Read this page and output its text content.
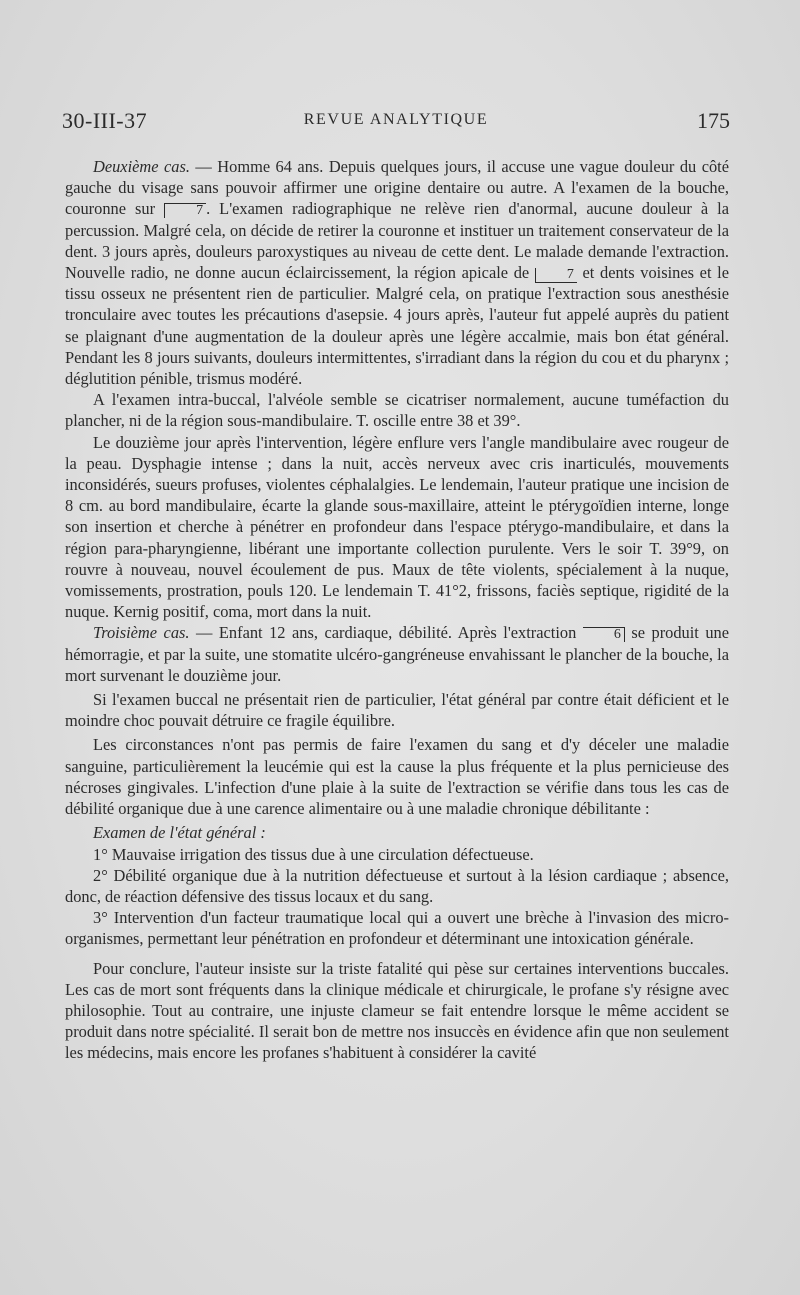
30-III-37	REVUE ANALYTIQUE	175

Deuxième cas. — Homme 64 ans. Depuis quelques jours, il accuse une vague douleur du côté gauche du visage sans pouvoir affirmer une origine dentaire ou autre. A l'examen de la bouche, couronne sur 7 . L'examen radiographique ne relève rien d'anormal, aucune douleur à la percussion. Malgré cela, on décide de retirer la couronne et instituer un traitement conservateur de la dent. 3 jours après, douleurs paroxystiques au niveau de cette dent. Le malade demande l'extraction. Nouvelle radio, ne donne aucun éclaircissement, la région apicale de 7 et dents voisines et le tissu osseux ne présentent rien de particulier. Malgré cela, on pratique l'extraction sous anesthésie tronculaire avec toutes les précautions d'asepsie. 4 jours après, l'auteur fut appelé auprès du patient se plaignant d'une augmentation de la douleur après une légère accalmie, mais bon état général. Pendant les 8 jours suivants, douleurs intermittentes, s'irradiant dans la région du cou et du pharynx ; déglutition pénible, trismus modéré.

A l'examen intra-buccal, l'alvéole semble se cicatriser normalement, aucune tuméfaction du plancher, ni de la région sous-mandibulaire. T. oscille entre 38 et 39°.

Le douzième jour après l'intervention, légère enflure vers l'angle mandibulaire avec rougeur de la peau. Dysphagie intense ; dans la nuit, accès nerveux avec cris inarticulés, mouvements inconsidérés, sueurs profuses, violentes céphalalgies. Le lendemain, l'auteur pratique une incision de 8 cm. au bord mandibulaire, écarte la glande sous-maxillaire, atteint le ptérygoïdien interne, longe son insertion et cherche à pénétrer en profondeur dans l'espace ptérygo-mandibulaire, et dans la région para-pharyngienne, libérant une importante collection purulente. Vers le soir T. 39°9, on rouvre à nouveau, nouvel écoulement de pus. Maux de tête violents, spécialement à la nuque, vomissements, prostration, pouls 120. Le lendemain T. 41°2, frissons, faciès septique, rigidité de la nuque. Kernig positif, coma, mort dans la nuit.

Troisième cas. — Enfant 12 ans, cardiaque, débilité. Après l'extraction 6 se produit une hémorragie, et par la suite, une stomatite ulcéro-gangréneuse envahissant le plancher de la bouche, la mort survenant le douzième jour.

Si l'examen buccal ne présentait rien de particulier, l'état général par contre était déficient et le moindre choc pouvait détruire ce fragile équilibre.

Les circonstances n'ont pas permis de faire l'examen du sang et d'y déceler une maladie sanguine, particulièrement la leucémie qui est la cause la plus fréquente et la plus pernicieuse des nécroses gingivales. L'infection d'une plaie à la suite de l'extraction se vérifie dans tous les cas de débilité organique due à une carence alimentaire ou à une maladie chronique débilitante :

Examen de l'état général :

1° Mauvaise irrigation des tissus due à une circulation défectueuse.

2° Débilité organique due à la nutrition défectueuse et surtout à la lésion cardiaque ; absence, donc, de réaction défensive des tissus locaux et du sang.

3° Intervention d'un facteur traumatique local qui a ouvert une brèche à l'invasion des micro-organismes, permettant leur pénétration en profondeur et déterminant une intoxication générale.

Pour conclure, l'auteur insiste sur la triste fatalité qui pèse sur certaines interventions buccales. Les cas de mort sont fréquents dans la clinique médicale et chirurgicale, le profane s'y résigne avec philosophie. Tout au contraire, une injuste clameur se fait entendre lorsque le même accident se produit dans notre spécialité. Il serait bon de mettre nos insuccès en évidence afin que non seulement les médecins, mais encore les profanes s'habituent à considérer la cavité
